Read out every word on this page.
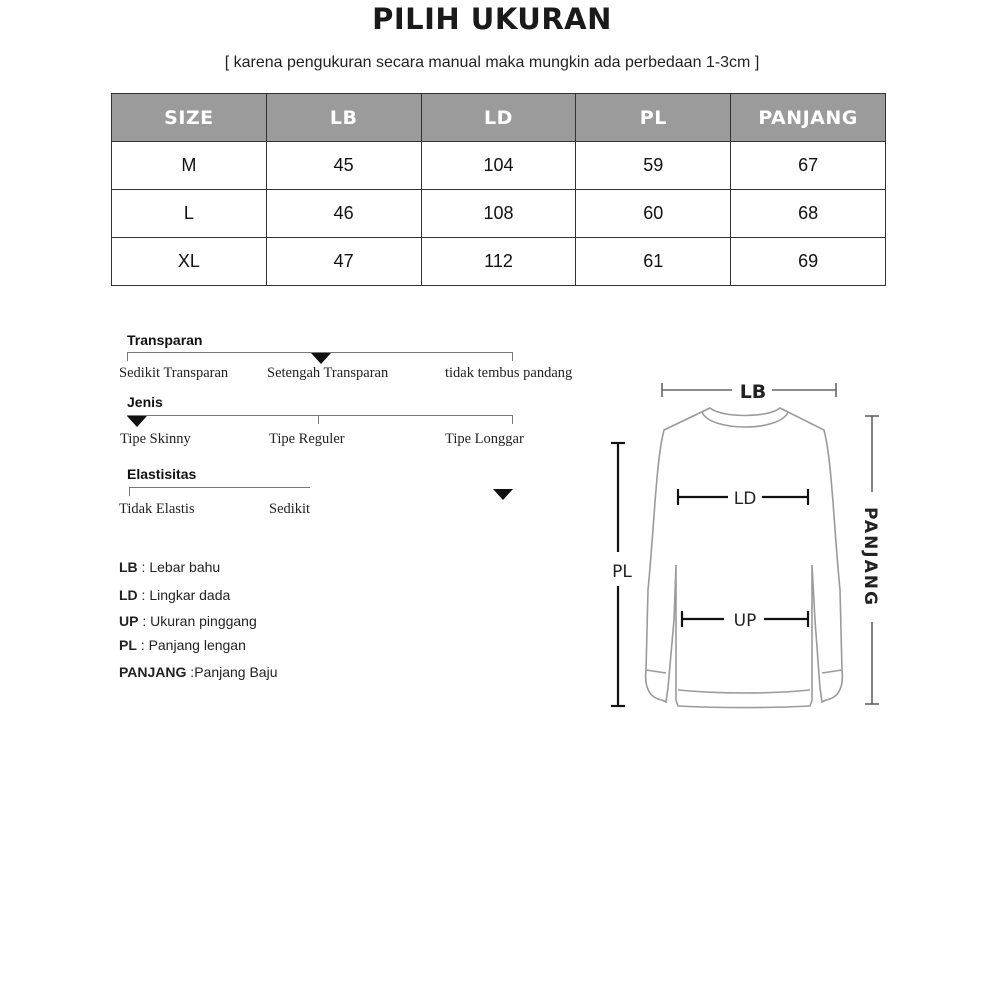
PILIH UKURAN
[ karena pengukuran secara manual maka mungkin ada perbedaan 1-3cm ]
SIZE	LB	LD	PL	PANJANG
M	45	104	59	67
L	46	108	60	68
XL	47	112	61	69
Transparan
Sedikit Transparan	Setengah Transparan	tidak tembus pandang
Jenis
Tipe Skinny	Tipe Reguler	Tipe Longgar
Elastisitas
Tidak Elastis	Sedikit
LB : Lebar bahu
LD : Lingkar dada
UP : Ukuran pinggang
PL : Panjang lengan
PANJANG :Panjang Baju
LB
LD
UP
PL	PANJANG
